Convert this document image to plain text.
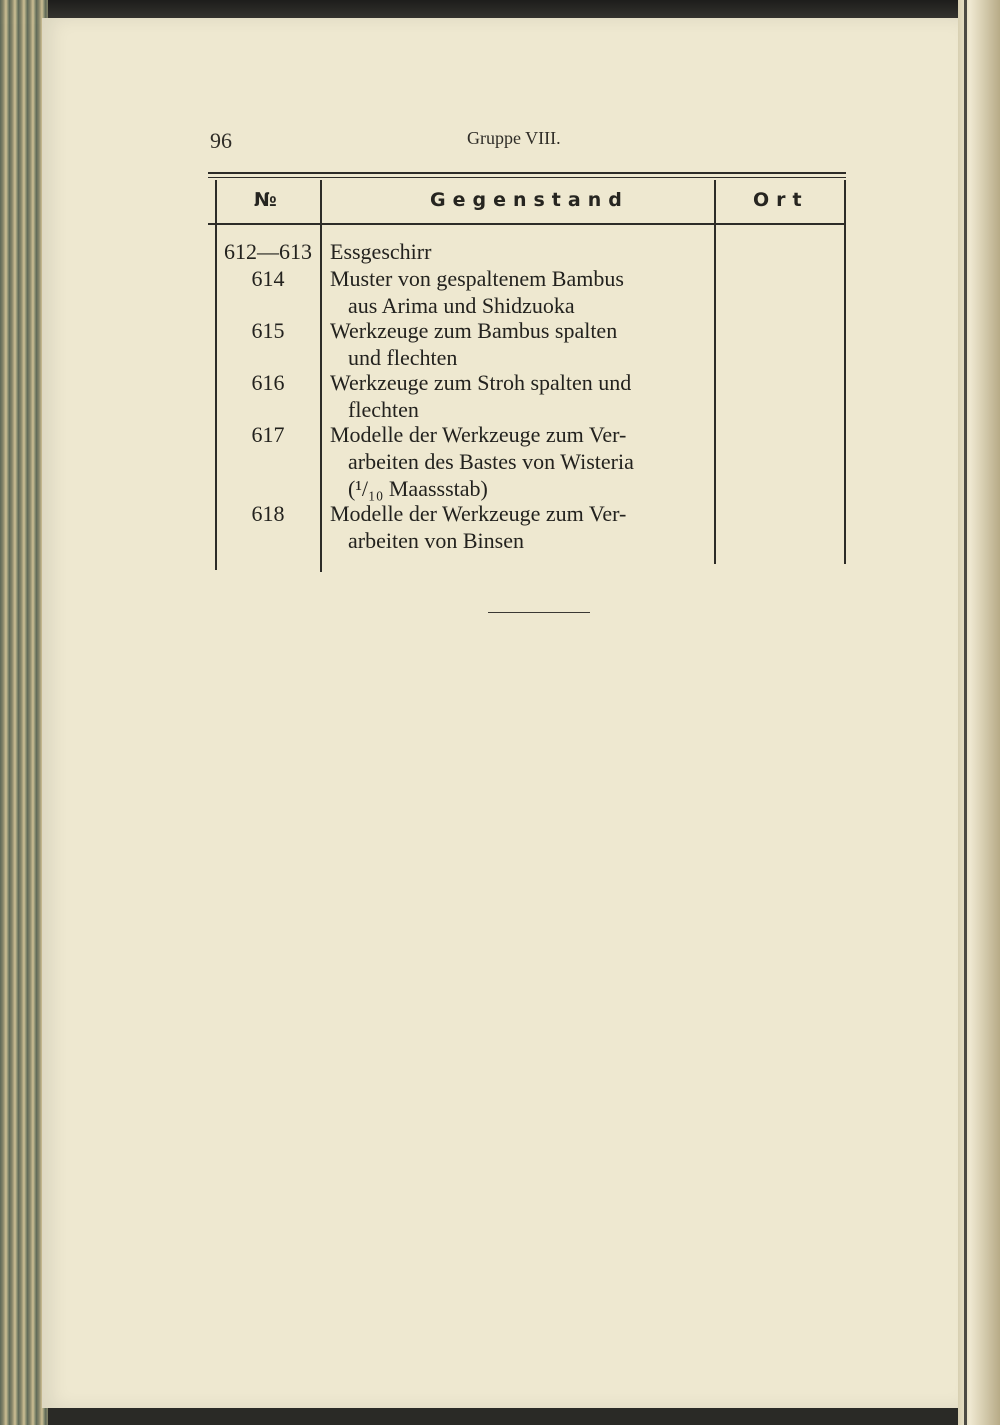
96	Gruppe VIII.
№	Gegenstand	Ort
612—613 Essgeschirr
614	Muster von gespaltenem Bambus
aus Arima und Shidzuoka
615	Werkzeuge zum Bambus spalten
und flechten
616	Werkzeuge zum Stroh spalten und
flechten
617	Modelle der Werkzeuge zum Ver-
arbeiten des Bastes von Wisteria
(¹/₁₀ Maassstab)
618	Modelle der Werkzeuge zum Ver-
arbeiten von Binsen
